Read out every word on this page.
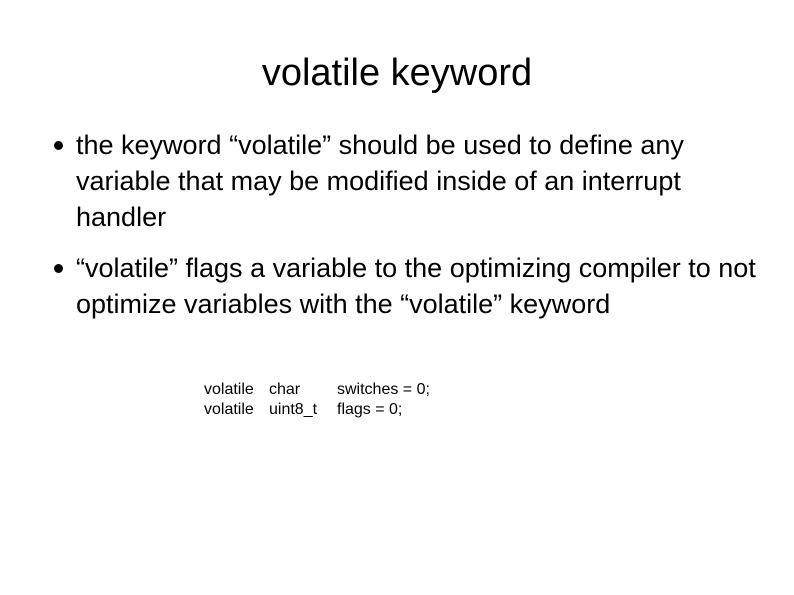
volatile keyword

the keyword “volatile” should be used to define any variable that may be modified inside of an interrupt handler

“volatile” flags a variable to the optimizing compiler to not optimize variables with the “volatile” keyword

volatile char	switches = 0;
volatile uint8_t	flags = 0;
